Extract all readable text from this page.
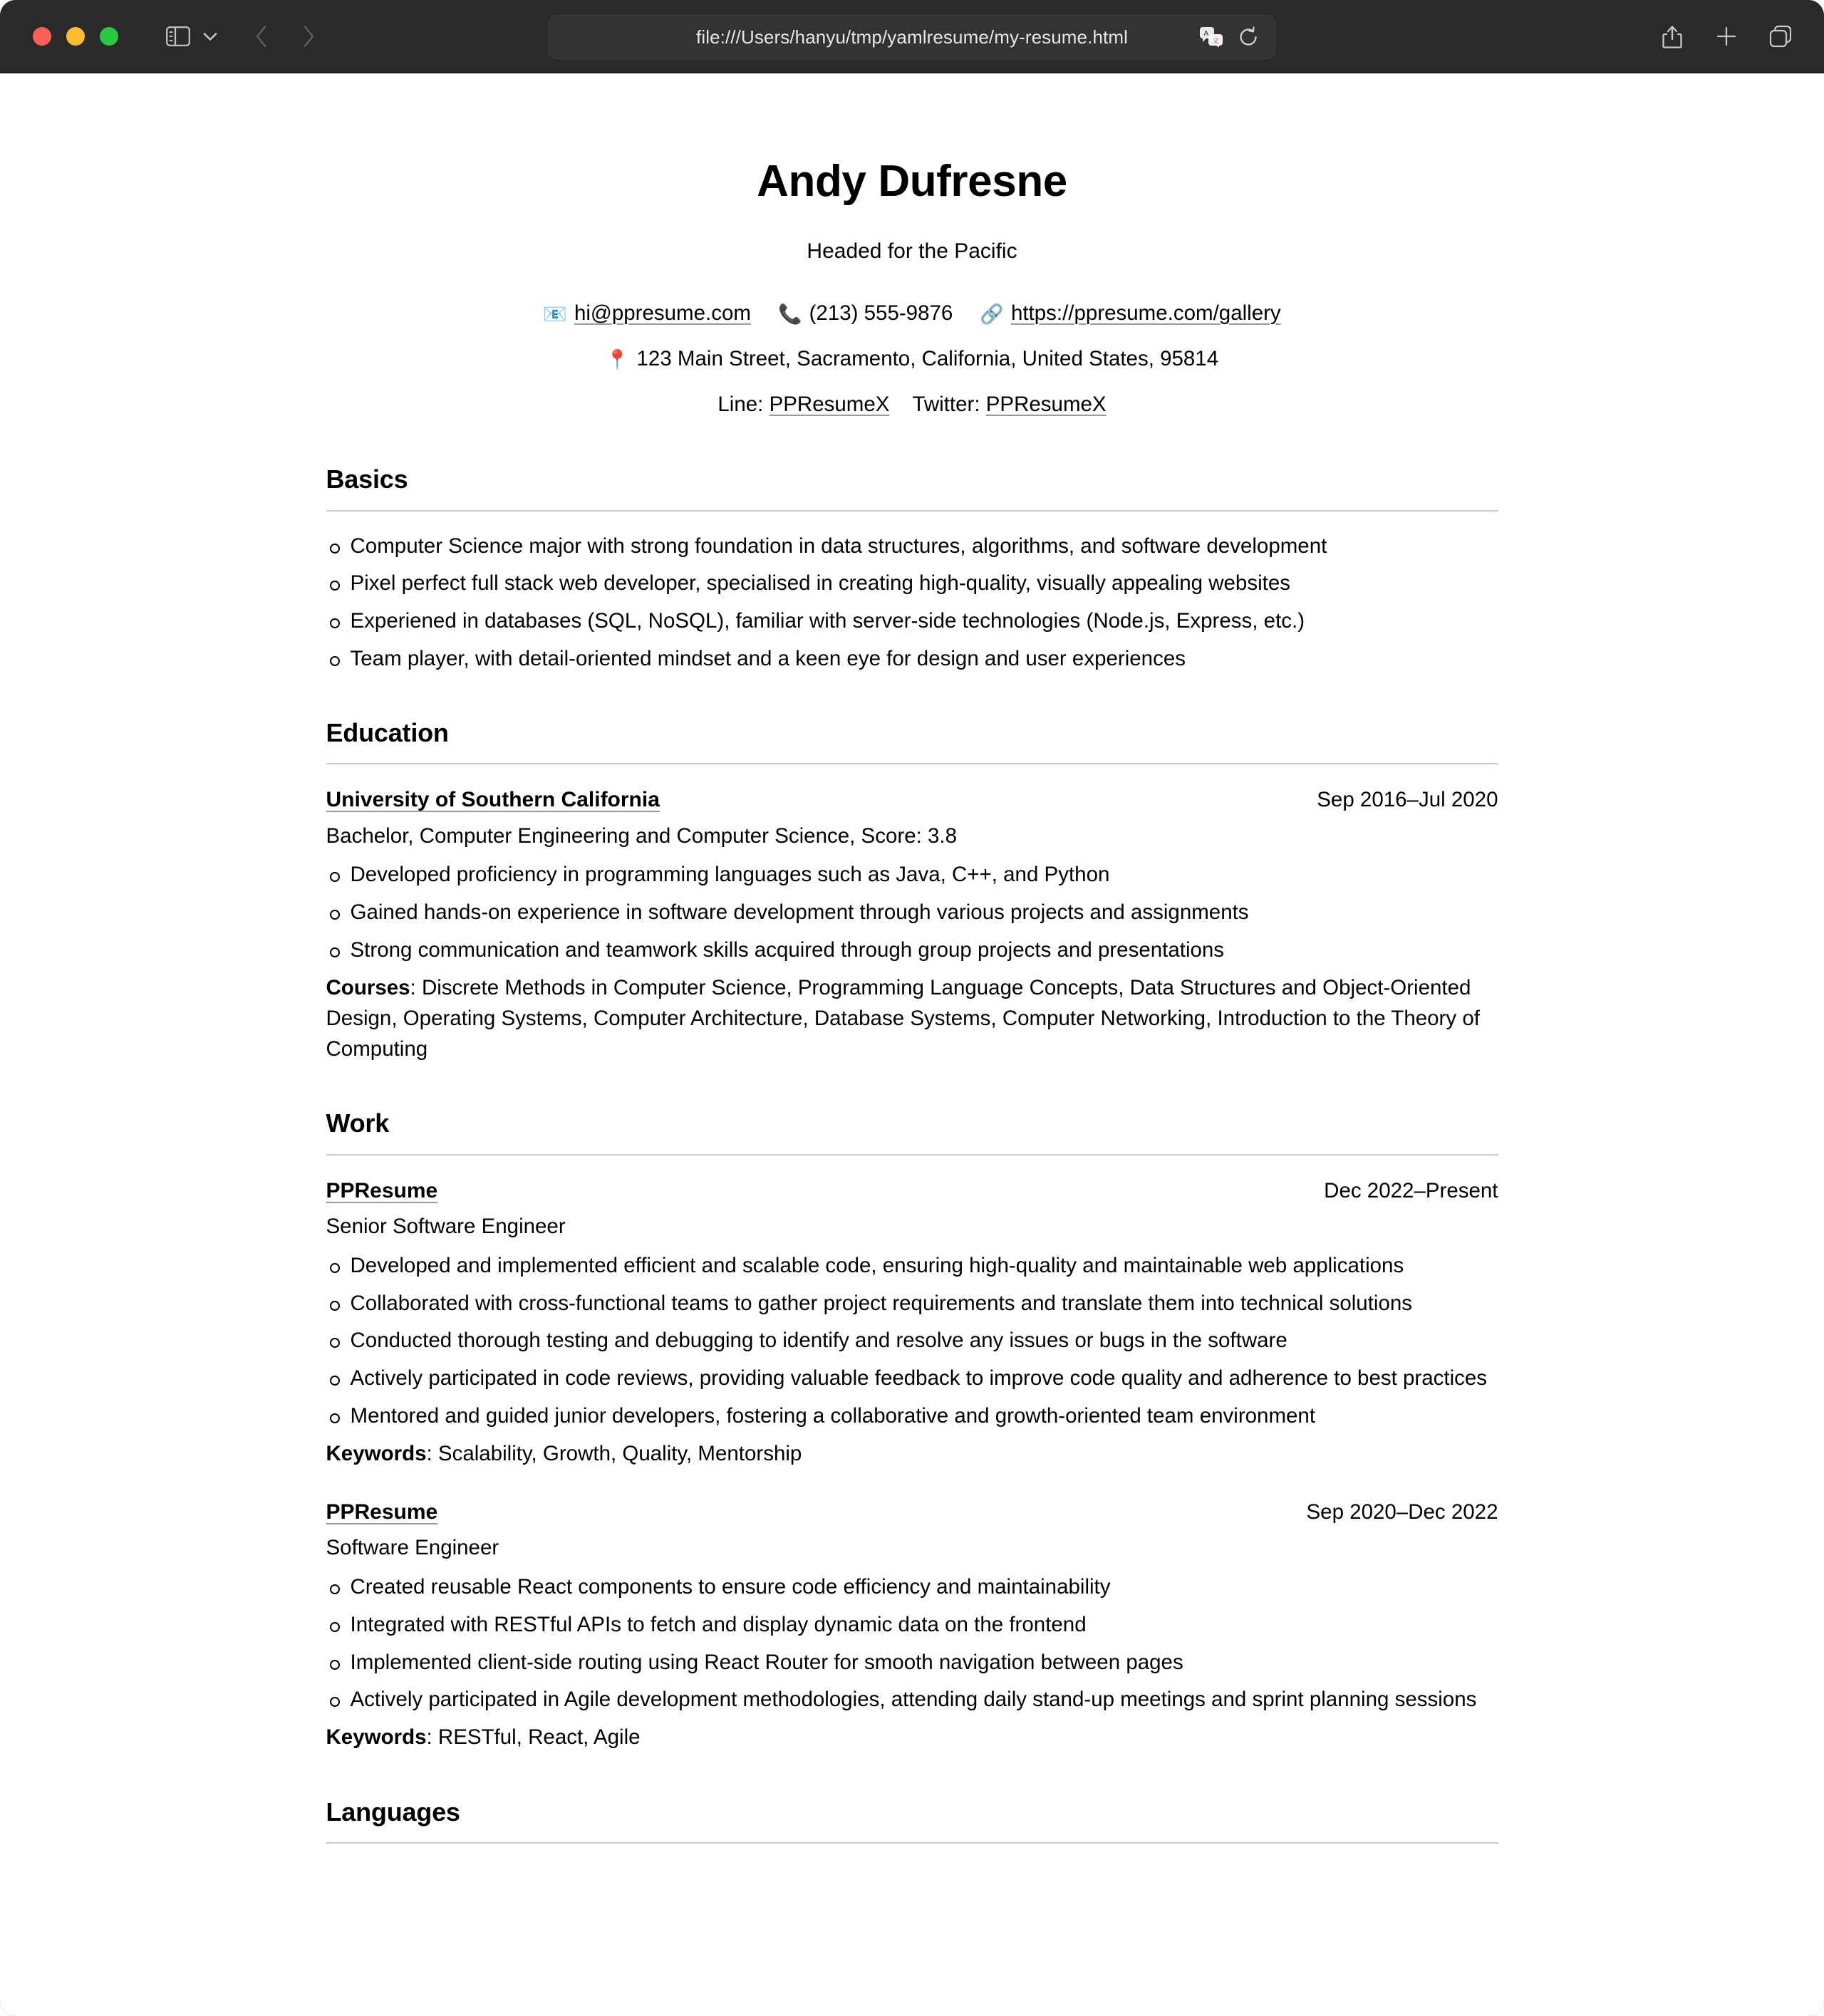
file:///Users/hanyu/tmp/yamlresume/my-resume.html	A
文
Andy Dufresne
Headed for the Pacific
📧 hi@ppresume.com 📞 (213) 555-9876 🔗 https://ppresume.com/gallery
📍 123 Main Street, Sacramento, California, United States, 95814
Line: PPResumeX Twitter: PPResumeX
Basics
Computer Science major with strong foundation in data structures, algorithms, and software development
Pixel perfect full stack web developer, specialised in creating high-quality, visually appealing websites
Experiened in databases (SQL, NoSQL), familiar with server-side technologies (Node.js, Express, etc.)
Team player, with detail-oriented mindset and a keen eye for design and user experiences
Education
University of Southern California	Sep 2016–Jul 2020
Bachelor, Computer Engineering and Computer Science, Score: 3.8
Developed proficiency in programming languages such as Java, C++, and Python
Gained hands-on experience in software development through various projects and assignments
Strong communication and teamwork skills acquired through group projects and presentations
Courses: Discrete Methods in Computer Science, Programming Language Concepts, Data Structures and Object-Oriented Design, Operating Systems, Computer Architecture, Database Systems, Computer Networking, Introduction to the Theory of Computing
Work
PPResume	Dec 2022–Present
Senior Software Engineer
Developed and implemented efficient and scalable code, ensuring high-quality and maintainable web applications
Collaborated with cross-functional teams to gather project requirements and translate them into technical solutions
Conducted thorough testing and debugging to identify and resolve any issues or bugs in the software
Actively participated in code reviews, providing valuable feedback to improve code quality and adherence to best practices
Mentored and guided junior developers, fostering a collaborative and growth-oriented team environment
Keywords: Scalability, Growth, Quality, Mentorship
PPResume	Sep 2020–Dec 2022
Software Engineer
Created reusable React components to ensure code efficiency and maintainability
Integrated with RESTful APIs to fetch and display dynamic data on the frontend
Implemented client-side routing using React Router for smooth navigation between pages
Actively participated in Agile development methodologies, attending daily stand-up meetings and sprint planning sessions
Keywords: RESTful, React, Agile
Languages
